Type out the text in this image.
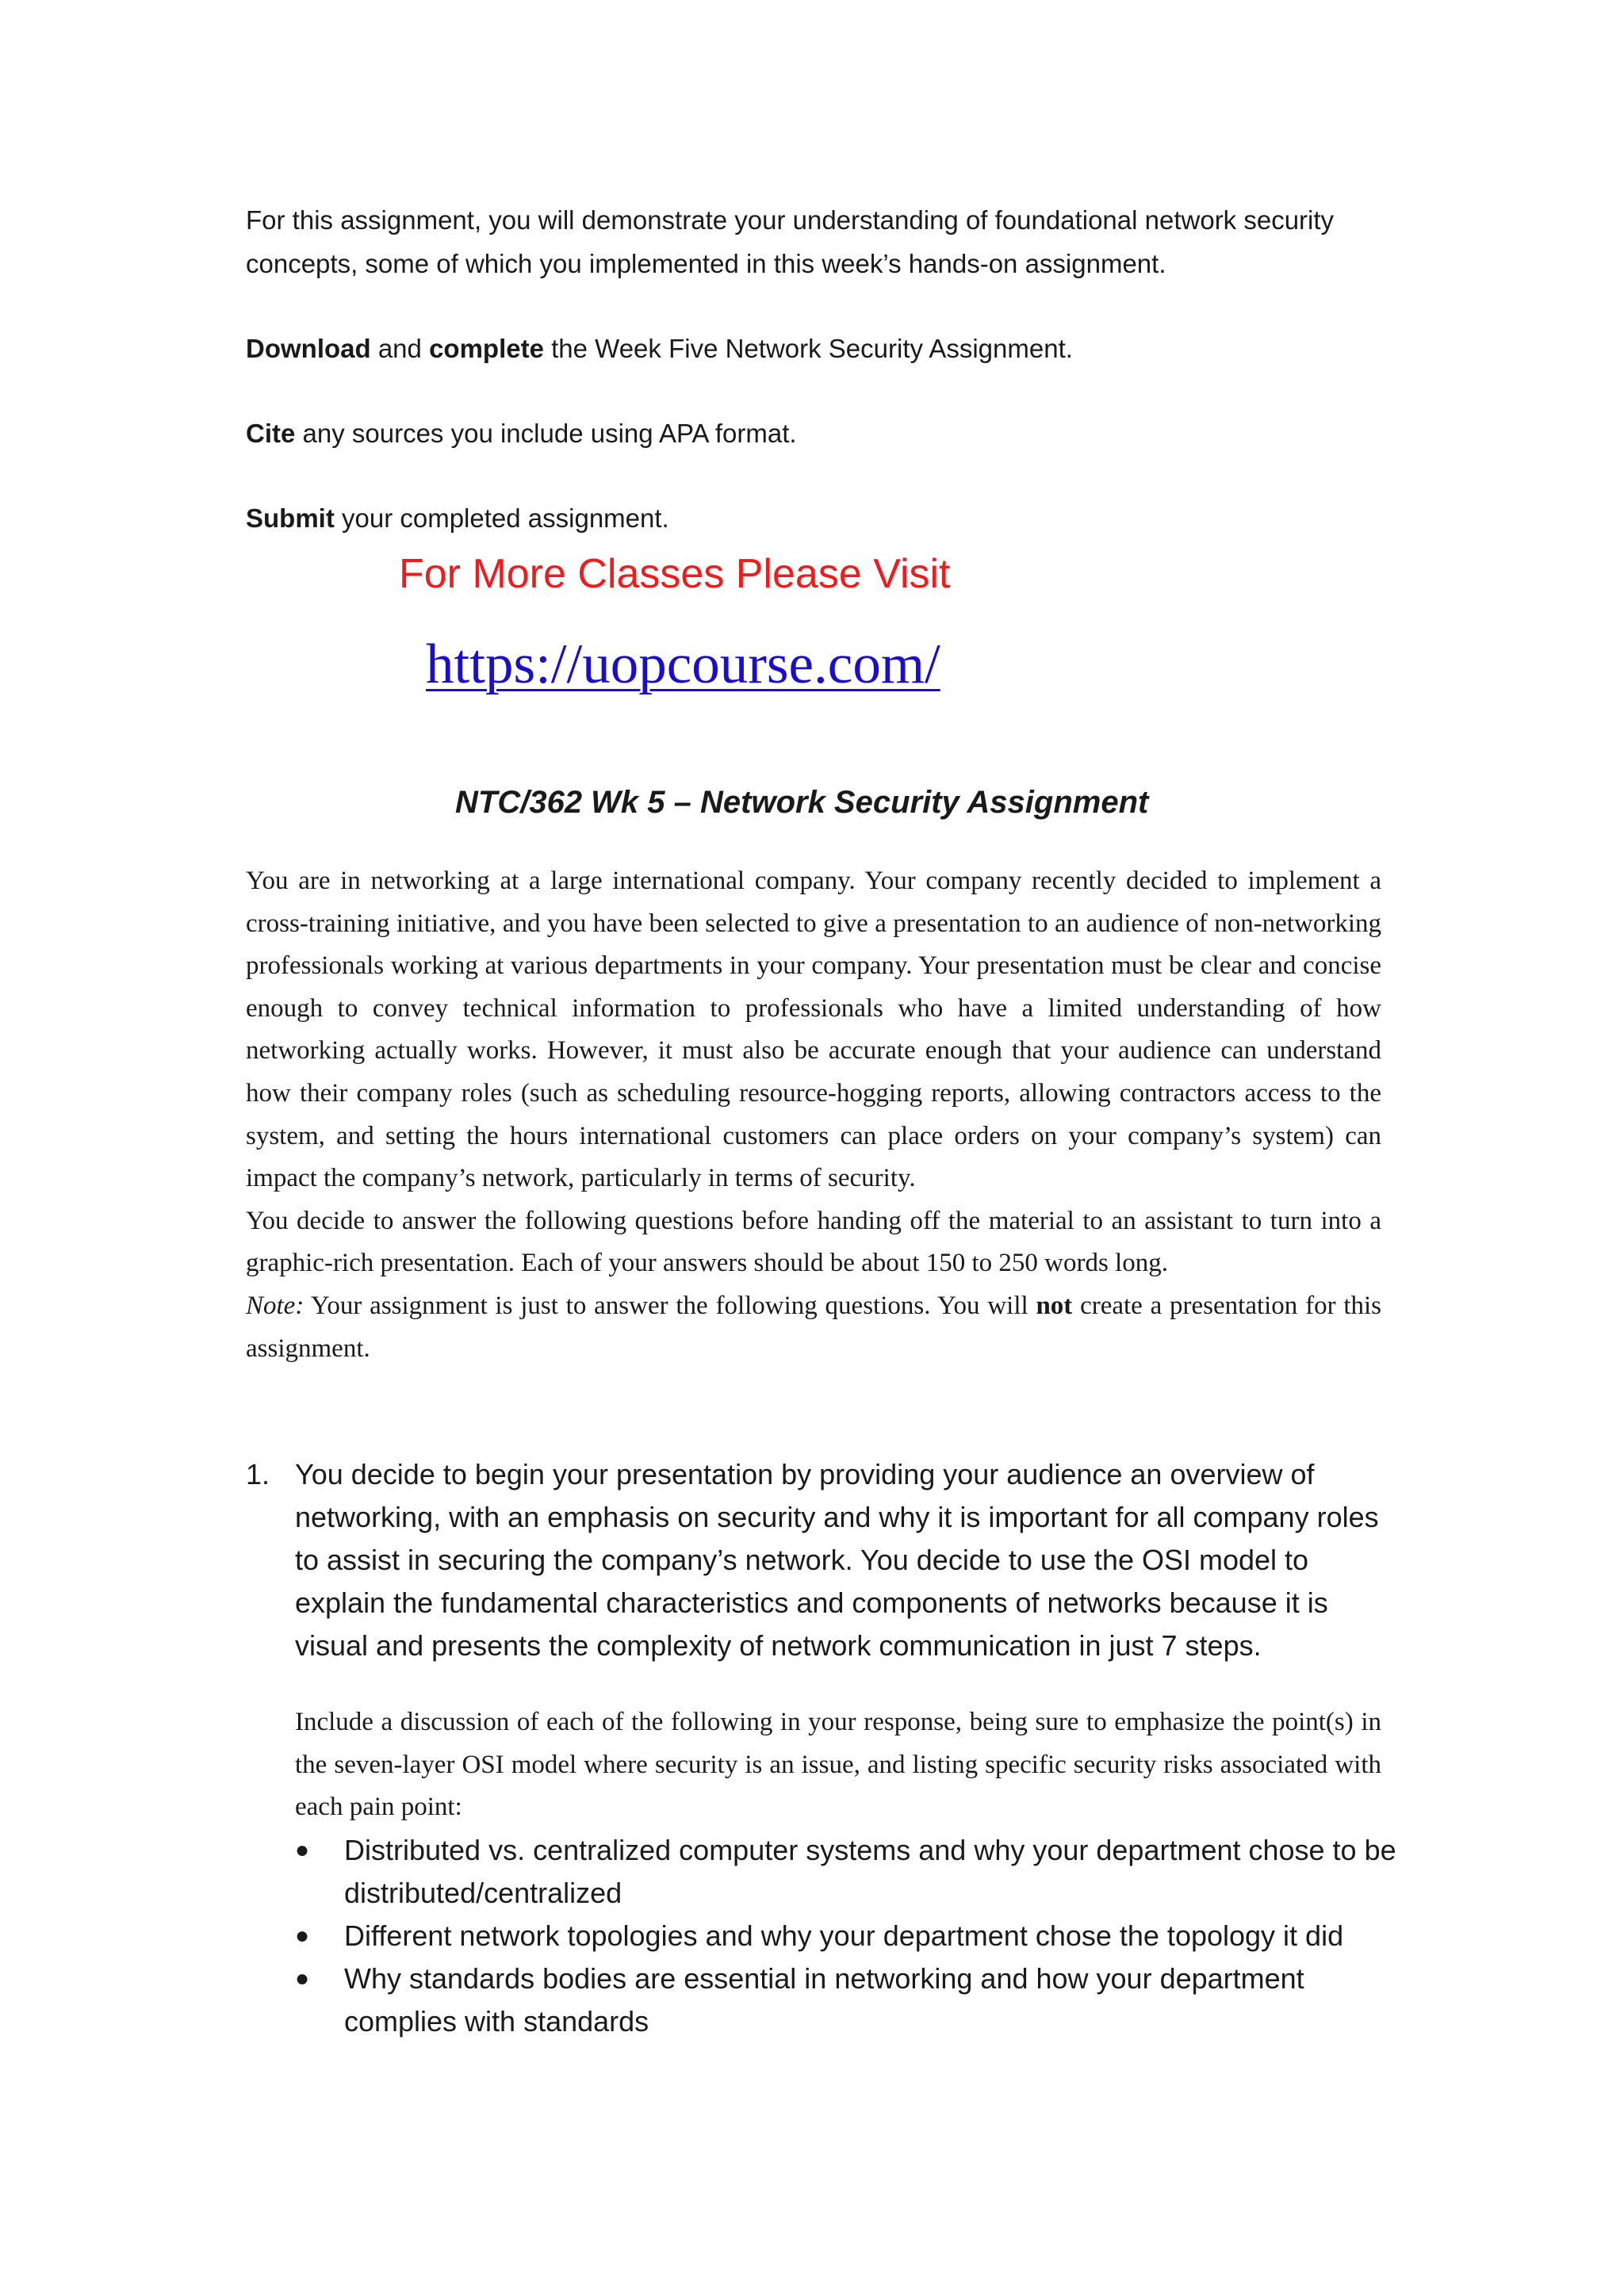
For this assignment, you will demonstrate your understanding of foundational network security concepts, some of which you implemented in this week’s hands-on assignment.

Download and complete the Week Five Network Security Assignment.

Cite any sources you include using APA format.

Submit your completed assignment.

For More Classes Please Visit
https://uopcourse.com/
NTC/362 Wk 5 – Network Security Assignment

You are in networking at a large international company. Your company recently decided to implement a cross-training initiative, and you have been selected to give a presentation to an audience of non-networking professionals working at various departments in your company. Your presentation must be clear and concise enough to convey technical information to professionals who have a limited understanding of how networking actually works. However, it must also be accurate enough that your audience can understand how their company roles (such as scheduling resource-hogging reports, allowing contractors access to the system, and setting the hours international customers can place orders on your company’s system) can impact the company’s network, particularly in terms of security.

You decide to answer the following questions before handing off the material to an assistant to turn into a graphic-rich presentation. Each of your answers should be about 150 to 250 words long.

Note: Your assignment is just to answer the following questions. You will not create a presentation for this assignment.

1. You decide to begin your presentation by providing your audience an overview of networking, with an emphasis on security and why it is important for all company roles to assist in securing the company’s network. You decide to use the OSI model to explain the fundamental characteristics and components of networks because it is visual and presents the complexity of network communication in just 7 steps.
Include a discussion of each of the following in your response, being sure to emphasize the point(s) in the seven-layer OSI model where security is an issue, and listing specific security risks associated with each pain point:
● Distributed vs. centralized computer systems and why your department chose to be distributed/centralized
● Different network topologies and why your department chose the topology it did
● Why standards bodies are essential in networking and how your department complies with standards
